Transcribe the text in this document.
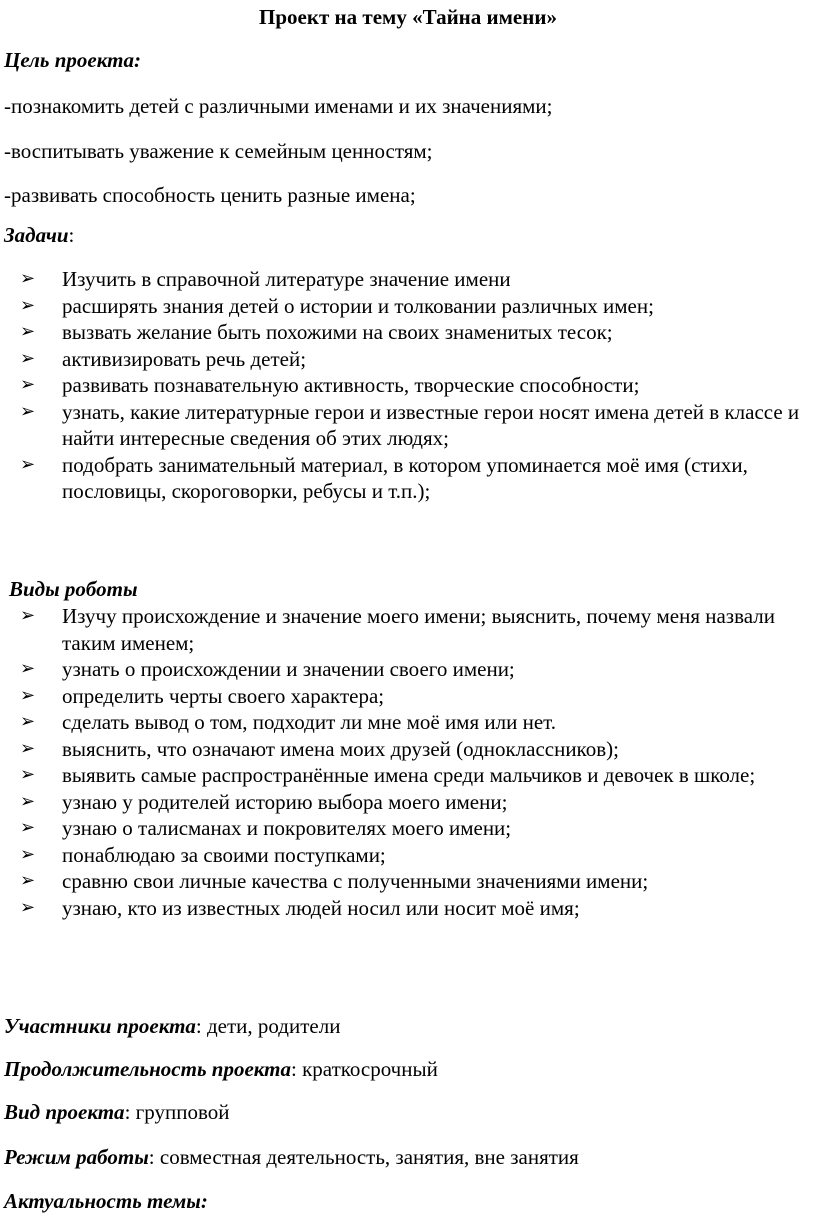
Проект на тему «Тайна имени»
Цель проекта:
-познакомить детей с различными именами и их значениями;
-воспитывать уважение к семейным ценностям;
-развивать способность ценить разные имена;
Задачи:
➢	Изучить в справочной литературе значение имени
➢	расширять знания детей о истории и толковании различных имен;
➢	вызвать желание быть похожими на своих знаменитых тесок;
➢	активизировать речь детей;
➢	развивать познавательную активность, творческие способности;
➢	узнать, какие литературные герои и известные герои носят имена детей в классе и найти интересные сведения об этих людях;
➢	подобрать занимательный материал, в котором упоминается моё имя (стихи, пословицы, скороговорки, ребусы и т.п.);
Виды роботы
➢	Изучу происхождение и значение моего имени; выяснить, почему меня назвали таким именем;
➢	узнать о происхождении и значении своего имени;
➢	определить черты своего характера;
➢	сделать вывод о том, подходит ли мне моё имя или нет.
➢	выяснить, что означают имена моих друзей (одноклассников);
➢	выявить самые распространённые имена среди мальчиков и девочек в школе;
➢	узнаю у родителей историю выбора моего имени;
➢	узнаю о талисманах и покровителях моего имени;
➢	понаблюдаю за своими поступками;
➢	сравню свои личные качества с полученными значениями имени;
➢	узнаю, кто из известных людей носил или носит моё имя;
Участники проекта: дети, родители
Продолжительность проекта: краткосрочный
Вид проекта: групповой
Режим работы: совместная деятельность, занятия, вне занятия
Актуальность темы:
